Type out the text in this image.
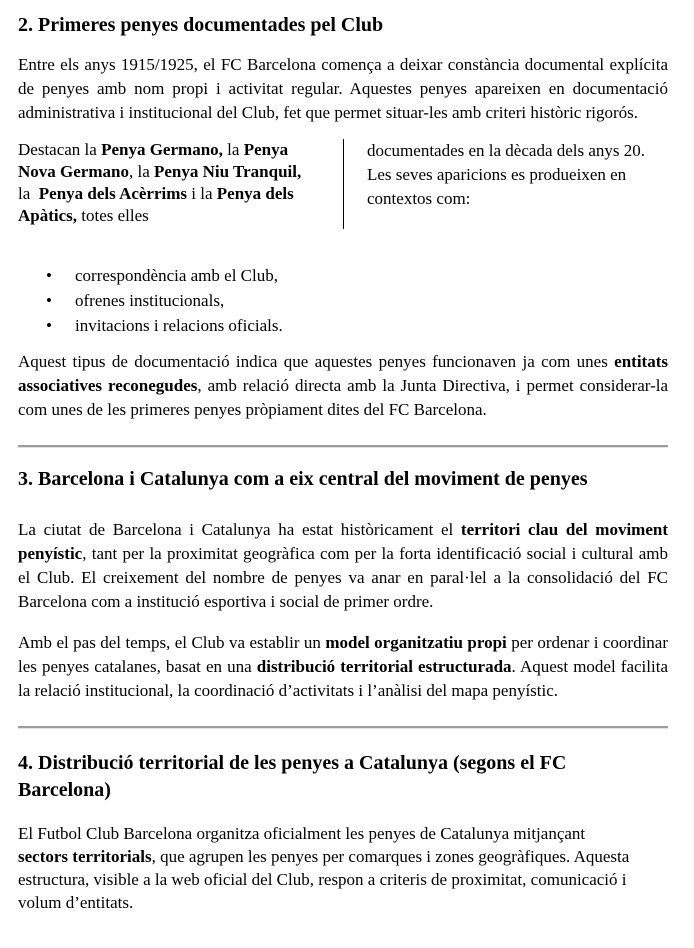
2. Primeres penyes documentades pel Club

Entre els anys 1915/1925, el FC Barcelona comença a deixar constància documental explícita de penyes amb nom propi i activitat regular. Aquestes penyes apareixen en documentació administrativa i institucional del Club, fet que permet situar-les amb criteri històric rigorós.

Destacan la Penya Germano, la Penya Nova Germano, la Penya Niu Tranquil, la  Penya dels Acèrrims i la Penya dels Apàtics, totes elles
documentades en la dècada dels anys 20. Les seves aparicions es produeixen en contextos com:
• correspondència amb el Club,
• ofrenes institucionals,
• invitacions i relacions oficials.

Aquest tipus de documentació indica que aquestes penyes funcionaven ja com unes entitats associatives reconegudes, amb relació directa amb la Junta Directiva, i permet considerar-la com unes de les primeres penyes pròpiament dites del FC Barcelona.

3. Barcelona i Catalunya com a eix central del moviment de penyes

La ciutat de Barcelona i Catalunya ha estat històricament el territori clau del moviment penyístic, tant per la proximitat geogràfica com per la forta identificació social i cultural amb el Club. El creixement del nombre de penyes va anar en paral·lel a la consolidació del FC Barcelona com a institució esportiva i social de primer ordre.

Amb el pas del temps, el Club va establir un model organitzatiu propi per ordenar i coordinar les penyes catalanes, basat en una distribució territorial estructurada. Aquest model facilita la relació institucional, la coordinació d’activitats i l’anàlisi del mapa penyístic.

4. Distribució territorial de les penyes a Catalunya (segons el FC Barcelona)

El Futbol Club Barcelona organitza oficialment les penyes de Catalunya mitjançant sectors territorials, que agrupen les penyes per comarques i zones geogràfiques. Aquesta estructura, visible a la web oficial del Club, respon a criteris de proximitat, comunicació i volum d’entitats.
